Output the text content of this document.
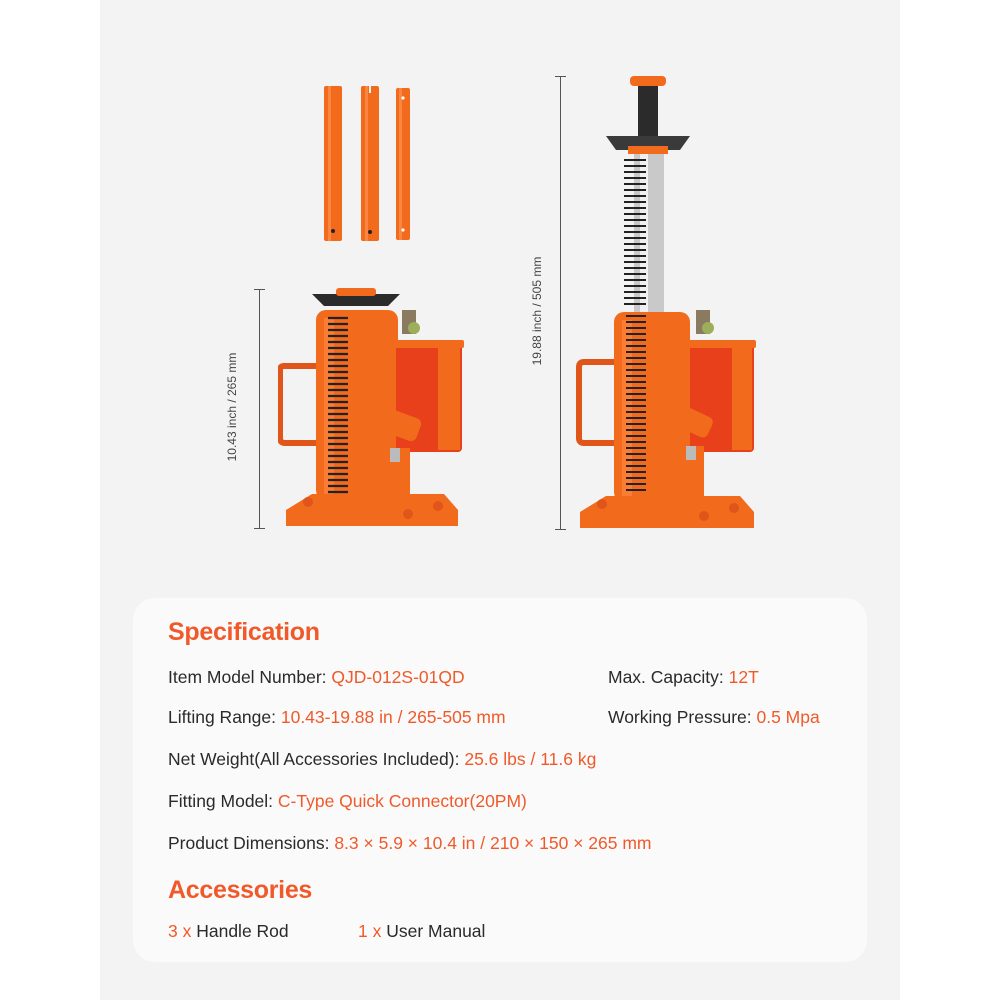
10.43 inch / 265 mm
19.88 inch / 505 mm
Specification
Item Model Number: QJD-012S-01QD	Max. Capacity: 12T
Lifting Range: 10.43-19.88 in / 265-505 mm	Working Pressure: 0.5 Mpa
Net Weight(All Accessories Included): 25.6 lbs / 11.6 kg
Fitting Model: C-Type Quick Connector(20PM)
Product Dimensions: 8.3 × 5.9 × 10.4 in / 210 × 150 × 265 mm
Accessories
3 x Handle Rod	1 x User Manual
